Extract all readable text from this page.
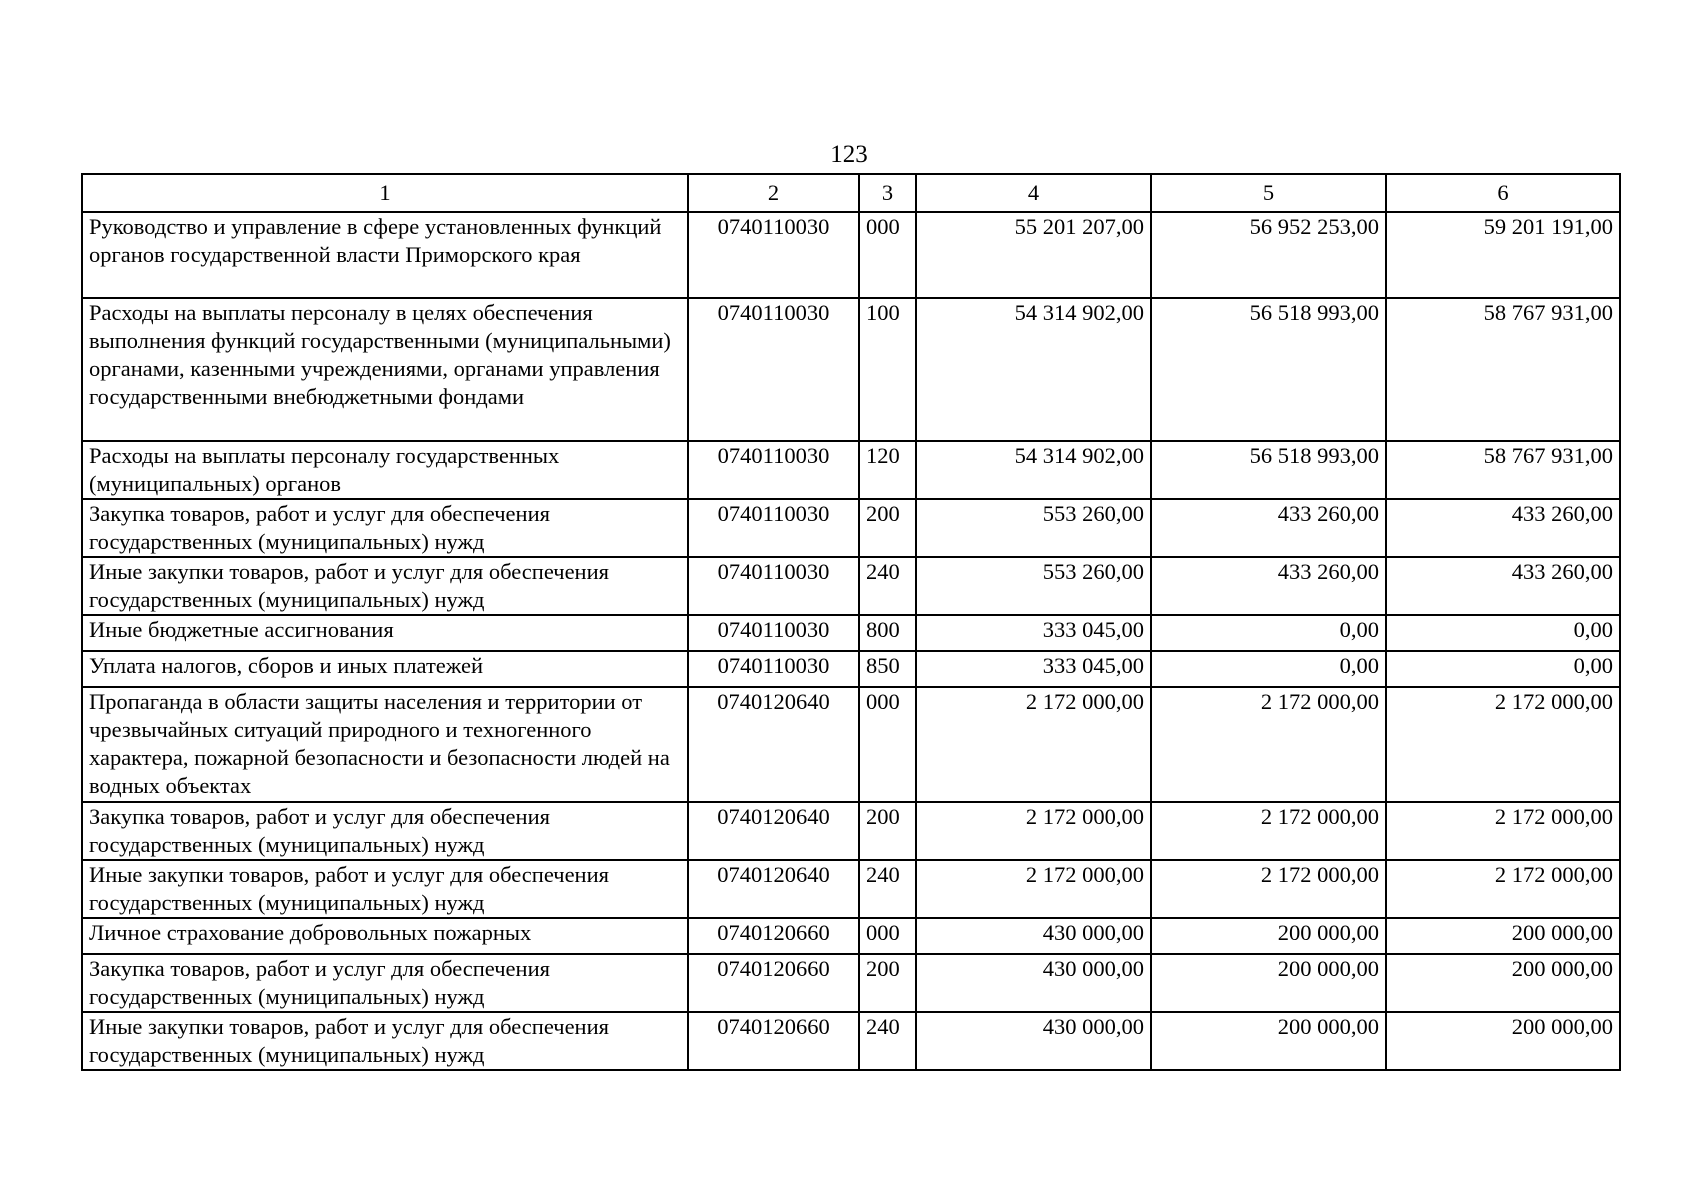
123
1	2	3	4	5	6
Руководство и управление в сфере установленных функций органов государственной власти Приморского края	0740110030	000	55 201 207,00	56 952 253,00	59 201 191,00
Расходы на выплаты персоналу в целях обеспечения выполнения функций государственными (муниципальными) органами, казенными учреждениями, органами управления государственными внебюджетными фондами	0740110030	100	54 314 902,00	56 518 993,00	58 767 931,00
Расходы на выплаты персоналу государственных (муниципальных) органов	0740110030	120	54 314 902,00	56 518 993,00	58 767 931,00
Закупка товаров, работ и услуг для обеспечения государственных (муниципальных) нужд	0740110030	200	553 260,00	433 260,00	433 260,00
Иные закупки товаров, работ и услуг для обеспечения государственных (муниципальных) нужд	0740110030	240	553 260,00	433 260,00	433 260,00
Иные бюджетные ассигнования	0740110030	800	333 045,00	0,00	0,00
Уплата налогов, сборов и иных платежей	0740110030	850	333 045,00	0,00	0,00
Пропаганда в области защиты населения и территории от чрезвычайных ситуаций природного и техногенного характера, пожарной безопасности и безопасности людей на водных объектах	0740120640	000	2 172 000,00	2 172 000,00	2 172 000,00
Закупка товаров, работ и услуг для обеспечения государственных (муниципальных) нужд	0740120640	200	2 172 000,00	2 172 000,00	2 172 000,00
Иные закупки товаров, работ и услуг для обеспечения государственных (муниципальных) нужд	0740120640	240	2 172 000,00	2 172 000,00	2 172 000,00
Личное страхование добровольных пожарных	0740120660	000	430 000,00	200 000,00	200 000,00
Закупка товаров, работ и услуг для обеспечения государственных (муниципальных) нужд	0740120660	200	430 000,00	200 000,00	200 000,00
Иные закупки товаров, работ и услуг для обеспечения государственных (муниципальных) нужд	0740120660	240	430 000,00	200 000,00	200 000,00
